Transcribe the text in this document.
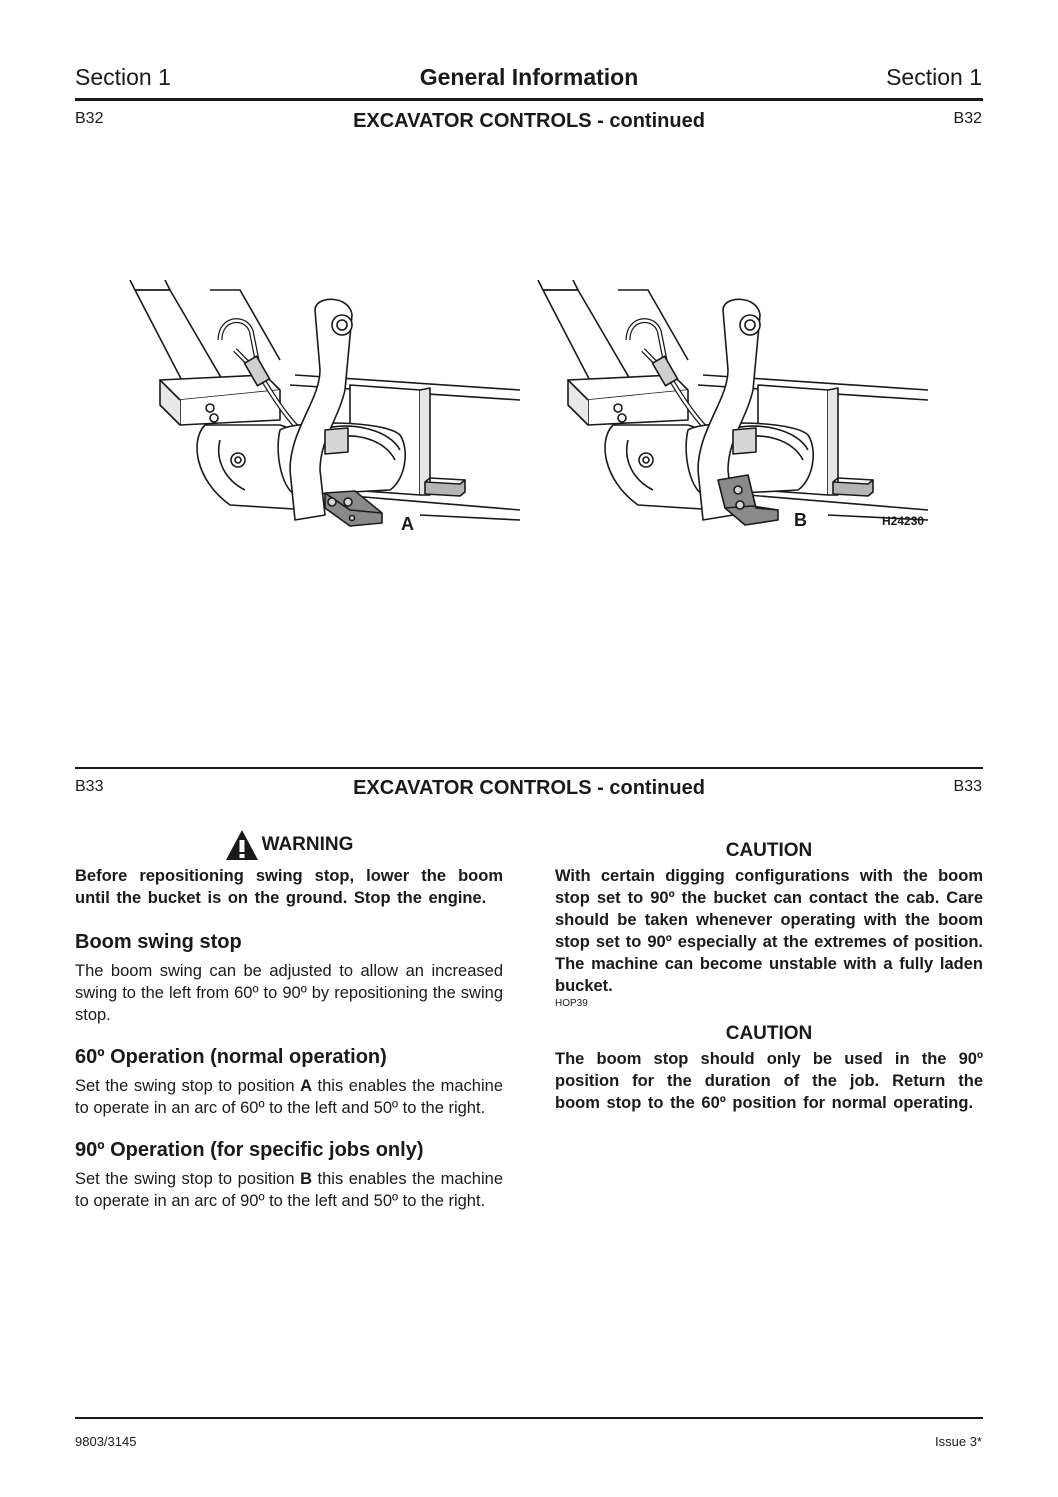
Section 1	General Information	Section 1
B32	EXCAVATOR CONTROLS - continued	B32
A	B	H24230
B33	EXCAVATOR CONTROLS - continued	B33
WARNING

Before repositioning swing stop, lower the boom until the bucket is on the ground. Stop the engine.

Boom swing stop

The boom swing can be adjusted to allow an increased swing to the left from 60º to 90º by repositioning the swing stop.

60º Operation (normal operation)

Set the swing stop to position A this enables the machine to operate in an arc of 60º to the left and 50º to the right.

90º Operation (for specific jobs only)

Set the swing stop to position B this enables the machine to operate in an arc of 90º to the left and 50º to the right.

CAUTION

With certain digging configurations with the boom stop set to 90º the bucket can contact the cab. Care should be taken whenever operating with the boom stop set to 90º especially at the extremes of position. The machine can become unstable with a fully laden bucket.

HOP39

CAUTION

The boom stop should only be used in the 90º position for the duration of the job. Return the boom stop to the 60º position for normal operating.

9803/3145	Issue 3*
